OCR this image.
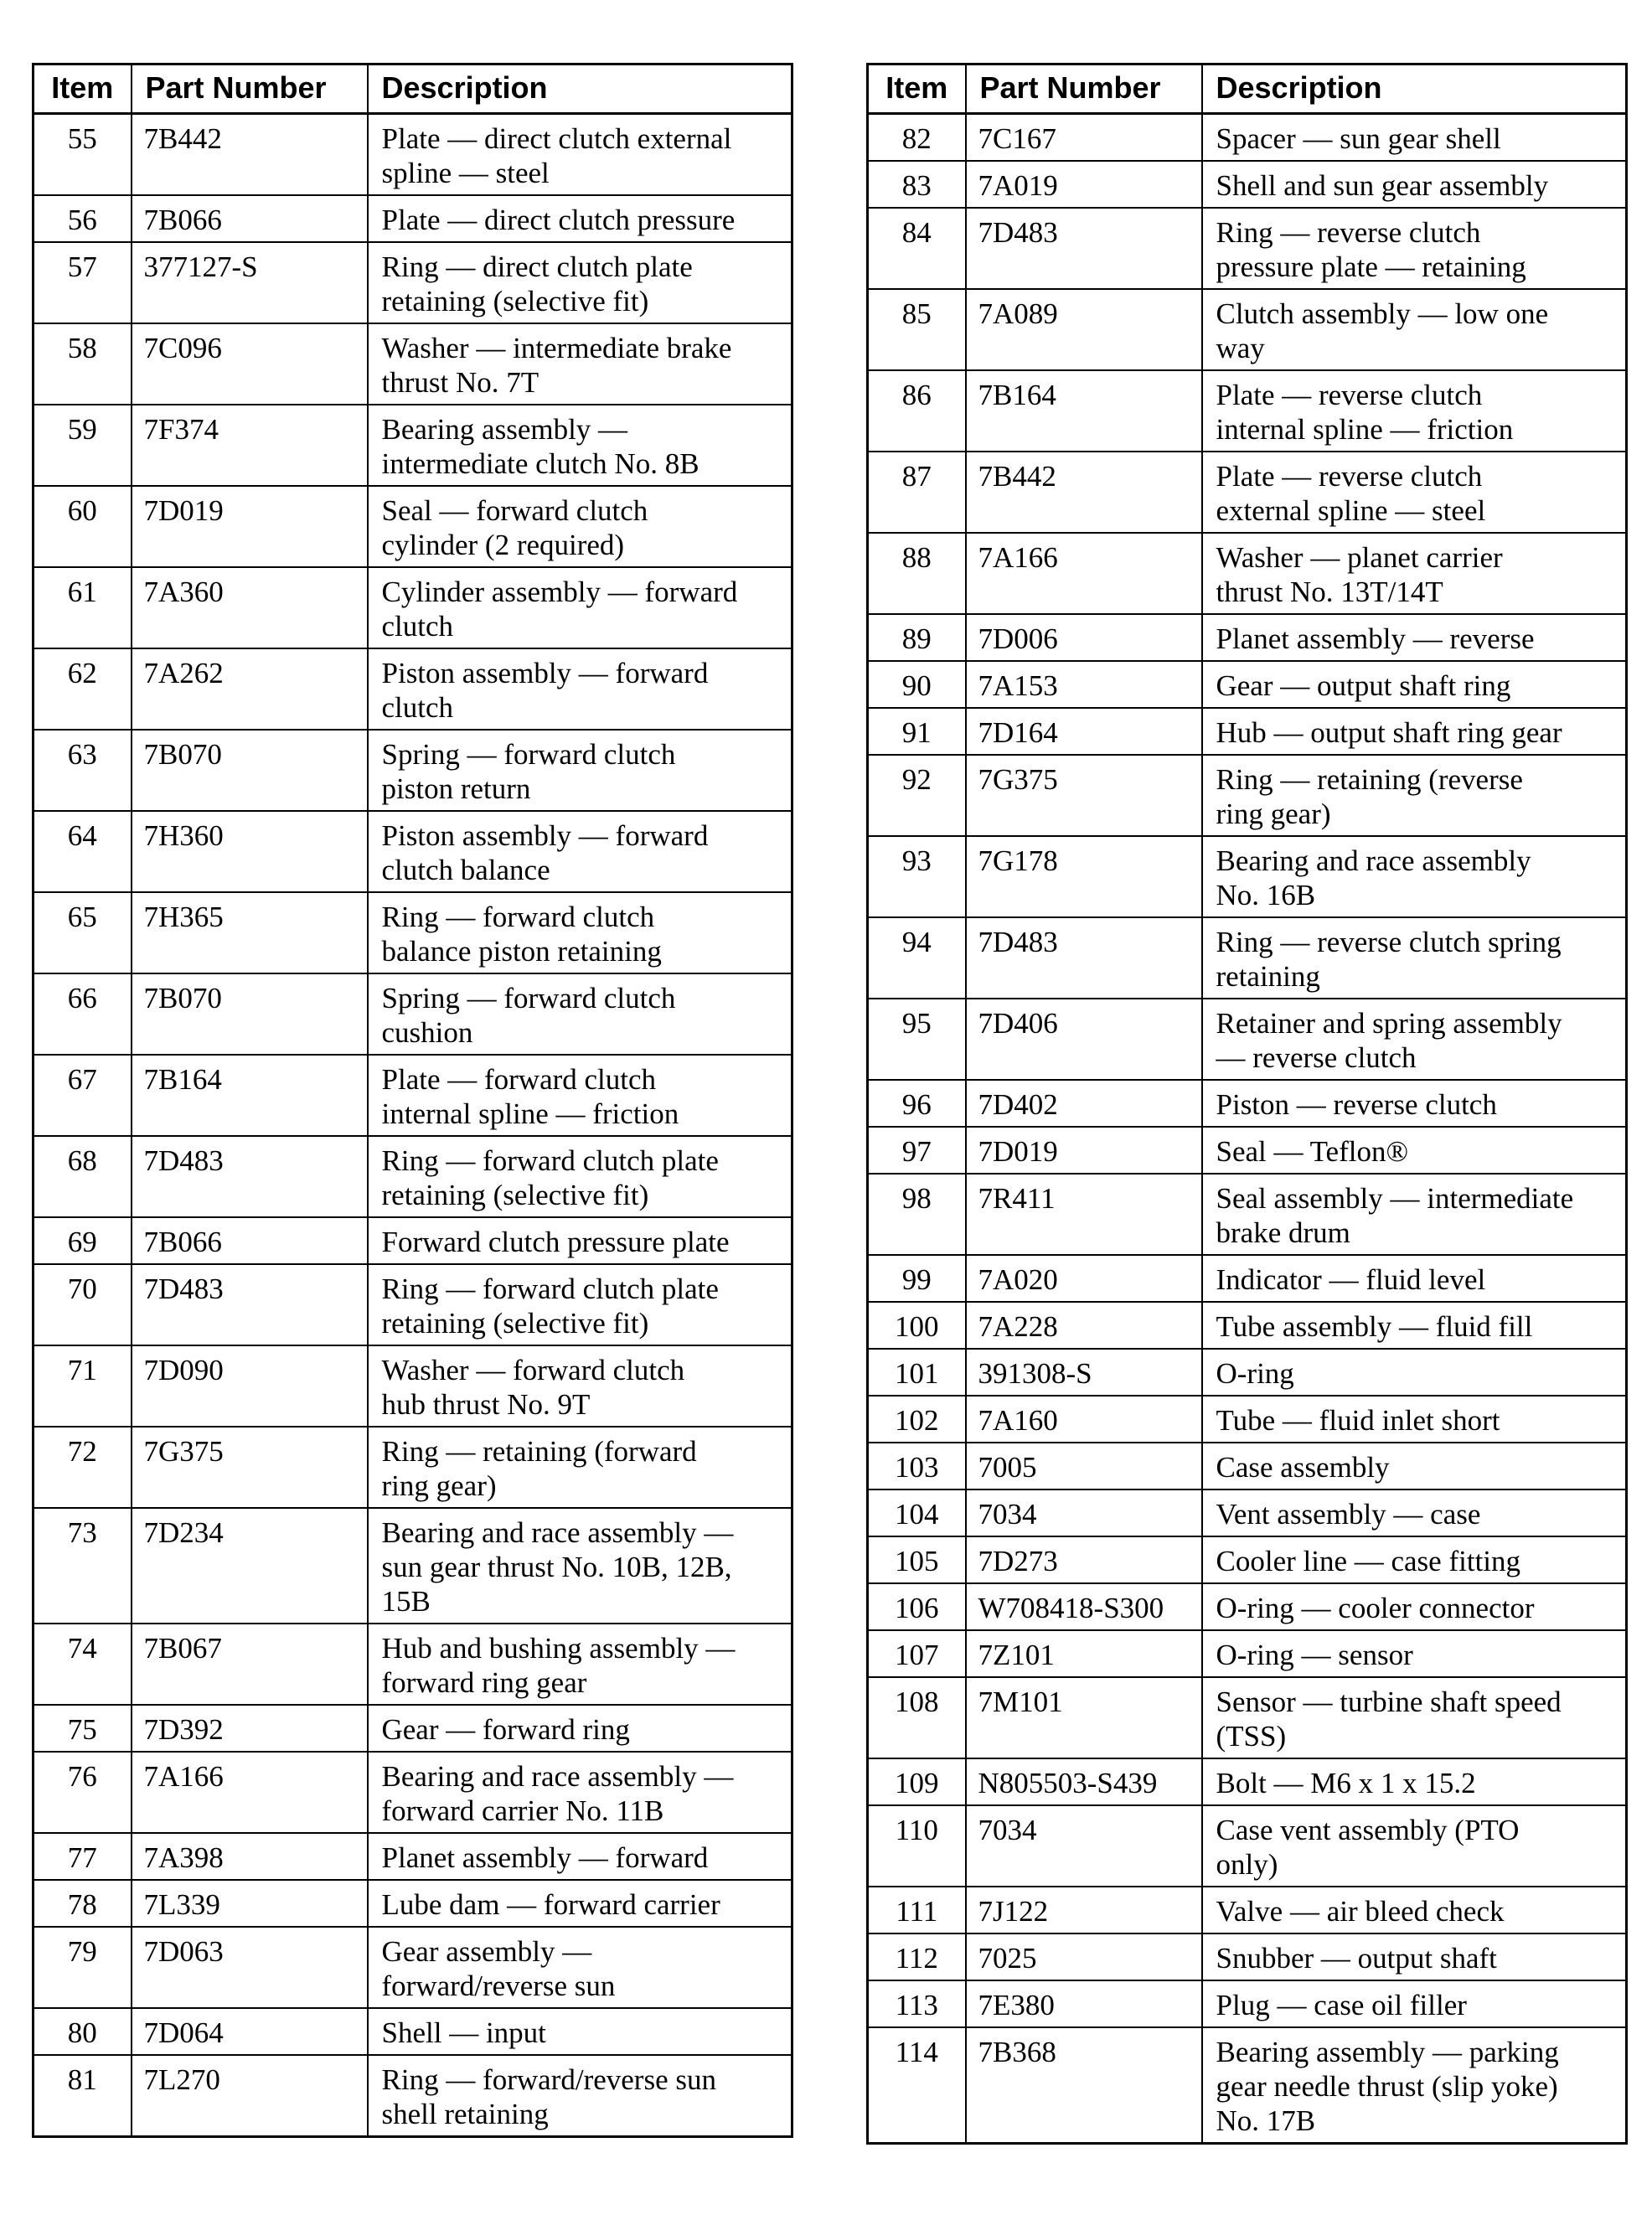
Item	Part Number	Description
55	7B442	Plate — direct clutch external
spline — steel
56	7B066	Plate — direct clutch pressure
57	377127-S	Ring — direct clutch plate
retaining (selective fit)
58	7C096	Washer — intermediate brake
thrust No. 7T
59	7F374	Bearing assembly —
intermediate clutch No. 8B
60	7D019	Seal — forward clutch
cylinder (2 required)
61	7A360	Cylinder assembly — forward
clutch
62	7A262	Piston assembly — forward
clutch
63	7B070	Spring — forward clutch
piston return
64	7H360	Piston assembly — forward
clutch balance
65	7H365	Ring — forward clutch
balance piston retaining
66	7B070	Spring — forward clutch
cushion
67	7B164	Plate — forward clutch
internal spline — friction
68	7D483	Ring — forward clutch plate
retaining (selective fit)
69	7B066	Forward clutch pressure plate
70	7D483	Ring — forward clutch plate
retaining (selective fit)
71	7D090	Washer — forward clutch
hub thrust No. 9T
72	7G375	Ring — retaining (forward
ring gear)
73	7D234	Bearing and race assembly —
sun gear thrust No. 10B, 12B,
15B
74	7B067	Hub and bushing assembly —
forward ring gear
75	7D392	Gear — forward ring
76	7A166	Bearing and race assembly —
forward carrier No. 11B
77	7A398	Planet assembly — forward
78	7L339	Lube dam — forward carrier
79	7D063	Gear assembly —
forward/reverse sun
80	7D064	Shell — input
81	7L270	Ring — forward/reverse sun
shell retaining
Item	Part Number	Description
82	7C167	Spacer — sun gear shell
83	7A019	Shell and sun gear assembly
84	7D483	Ring — reverse clutch
pressure plate — retaining
85	7A089	Clutch assembly — low one
way
86	7B164	Plate — reverse clutch
internal spline — friction
87	7B442	Plate — reverse clutch
external spline — steel
88	7A166	Washer — planet carrier
thrust No. 13T/14T
89	7D006	Planet assembly — reverse
90	7A153	Gear — output shaft ring
91	7D164	Hub — output shaft ring gear
92	7G375	Ring — retaining (reverse
ring gear)
93	7G178	Bearing and race assembly
No. 16B
94	7D483	Ring — reverse clutch spring
retaining
95	7D406	Retainer and spring assembly
— reverse clutch
96	7D402	Piston — reverse clutch
97	7D019	Seal — Teflon®
98	7R411	Seal assembly — intermediate
brake drum
99	7A020	Indicator — fluid level
100	7A228	Tube assembly — fluid fill
101	391308-S	O-ring
102	7A160	Tube — fluid inlet short
103	7005	Case assembly
104	7034	Vent assembly — case
105	7D273	Cooler line — case fitting
106	W708418-S300	O-ring — cooler connector
107	7Z101	O-ring — sensor
108	7M101	Sensor — turbine shaft speed
(TSS)
109	N805503-S439	Bolt — M6 x 1 x 15.2
110	7034	Case vent assembly (PTO
only)
111	7J122	Valve — air bleed check
112	7025	Snubber — output shaft
113	7E380	Plug — case oil filler
114	7B368	Bearing assembly — parking
gear needle thrust (slip yoke)
No. 17B
